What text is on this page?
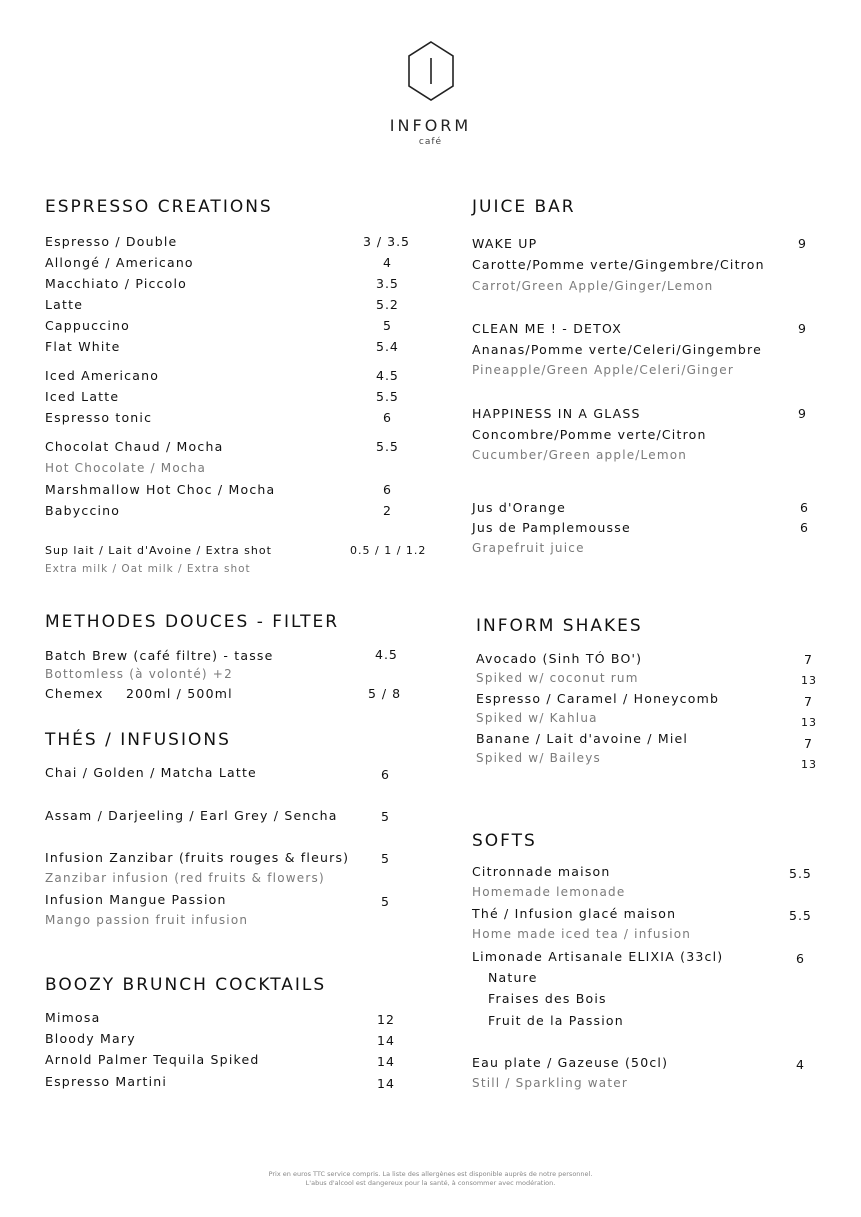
INFORM
café
ESPRESSO CREATIONS
Espresso / Double	3 / 3.5
Allongé / Americano	4
Macchiato / Piccolo	3.5
Latte	5.2
Cappuccino	5
Flat White	5.4
Iced Americano	4.5
Iced Latte	5.5
Espresso tonic	6
Chocolat Chaud / Mocha	5.5
Hot Chocolate / Mocha
Marshmallow Hot Choc / Mocha	6
Babyccino	2
Sup lait / Lait d'Avoine / Extra shot	0.5 / 1 / 1.2
Extra milk / Oat milk / Extra shot
METHODES DOUCES - FILTER
Batch Brew (café filtre) - tasse	4.5
Bottomless (à volonté) +2
Chemex 200ml / 500ml	5 / 8
THÉS / INFUSIONS
Chai / Golden / Matcha Latte	6
Assam / Darjeeling / Earl Grey / Sencha	5
Infusion Zanzibar (fruits rouges & fleurs)	5
Zanzibar infusion (red fruits & flowers)
Infusion Mangue Passion	5
Mango passion fruit infusion
BOOZY BRUNCH COCKTAILS
Mimosa	12
Bloody Mary	14
Arnold Palmer Tequila Spiked	14
Espresso Martini	14
JUICE BAR
WAKE UP	9
Carotte/Pomme verte/Gingembre/Citron
Carrot/Green Apple/Ginger/Lemon
CLEAN ME ! - DETOX	9
Ananas/Pomme verte/Celeri/Gingembre
Pineapple/Green Apple/Celeri/Ginger
HAPPINESS IN A GLASS	9
Concombre/Pomme verte/Citron
Cucumber/Green apple/Lemon
Jus d'Orange	6
Jus de Pamplemousse	6
Grapefruit juice
INFORM SHAKES
Avocado (Sinh TÓ BO')	7
Spiked w/ coconut rum	13
Espresso / Caramel / Honeycomb	7
Spiked w/ Kahlua	13
Banane / Lait d'avoine / Miel	7
Spiked w/ Baileys	13
SOFTS
Citronnade maison	5.5
Homemade lemonade
Thé / Infusion glacé maison	5.5
Home made iced tea / infusion
Limonade Artisanale ELIXIA (33cl)	6
Nature
Fraises des Bois
Fruit de la Passion
Eau plate / Gazeuse (50cl)	4
Still / Sparkling water
Prix en euros TTC service compris. La liste des allergènes est disponible auprès de notre personnel.
L'abus d'alcool est dangereux pour la santé, à consommer avec modération.
